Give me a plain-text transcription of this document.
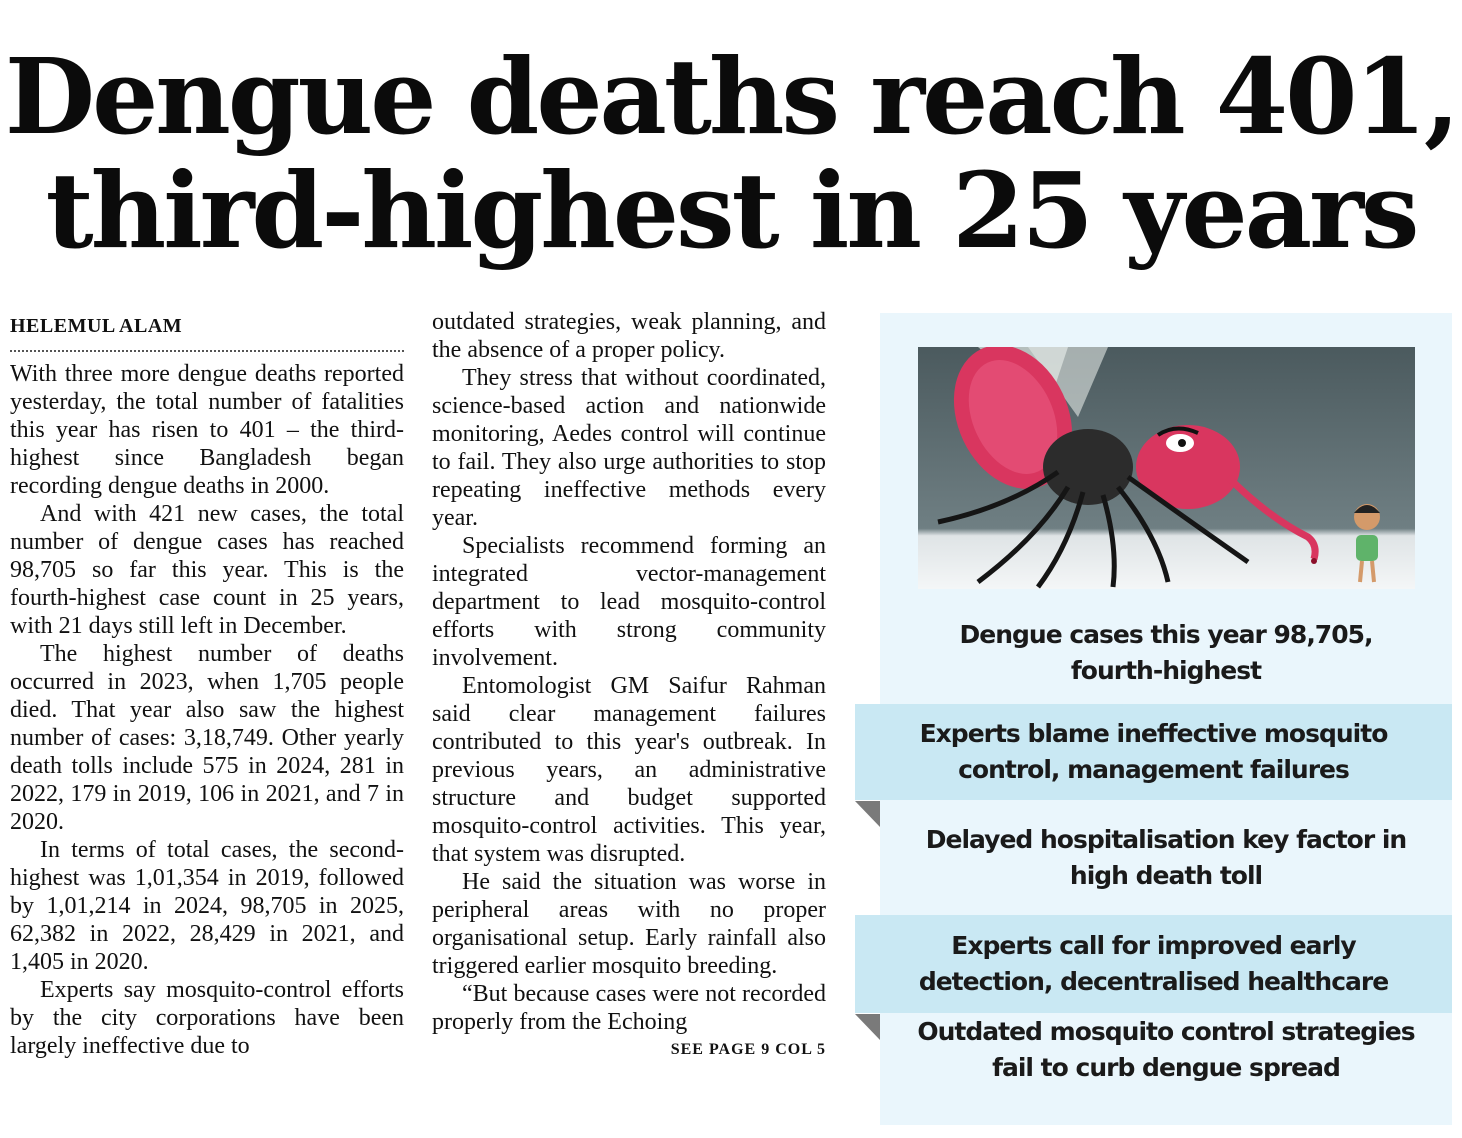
Dengue deaths reach 401,
third-highest in 25 years
HELEMUL ALAM

With three more dengue deaths reported yesterday, the total number of fatalities this year has risen to 401 – the third-highest since Bangladesh began recording dengue deaths in 2000.

And with 421 new cases, the total number of dengue cases has reached 98,705 so far this year. This is the fourth-highest case count in 25 years, with 21 days still left in December.

The highest number of deaths occurred in 2023, when 1,705 people died. That year also saw the highest number of cases: 3,18,749. Other yearly death tolls include 575 in 2024, 281 in 2022, 179 in 2019, 106 in 2021, and 7 in 2020.

In terms of total cases, the second-highest was 1,01,354 in 2019, followed by 1,01,214 in 2024, 98,705 in 2025, 62,382 in 2022, 28,429 in 2021, and 1,405 in 2020.

Experts say mosquito-control efforts by the city corporations have been largely ineffective due to

outdated strategies, weak planning, and the absence of a proper policy.

They stress that without coordinated, science-based action and nationwide monitoring, Aedes control will continue to fail. They also urge authorities to stop repeating ineffective methods every year.

Specialists recommend forming an integrated vector-management department to lead mosquito-control efforts with strong community involvement.

Entomologist GM Saifur Rahman said clear management failures contributed to this year's outbreak. In previous years, an administrative structure and budget supported mosquito-control activities. This year, that system was disrupted.

He said the situation was worse in peripheral areas with no proper organisational setup. Early rainfall also triggered earlier mosquito breeding.

“But because cases were not recorded properly from the Echoing

SEE PAGE 9 COL 5
Dengue cases this year 98,705, fourth-highest
Experts blame ineffective mosquito control, management failures
Delayed hospitalisation key factor in high death toll
Experts call for improved early detection, decentralised healthcare
Outdated mosquito control strategies fail to curb dengue spread
